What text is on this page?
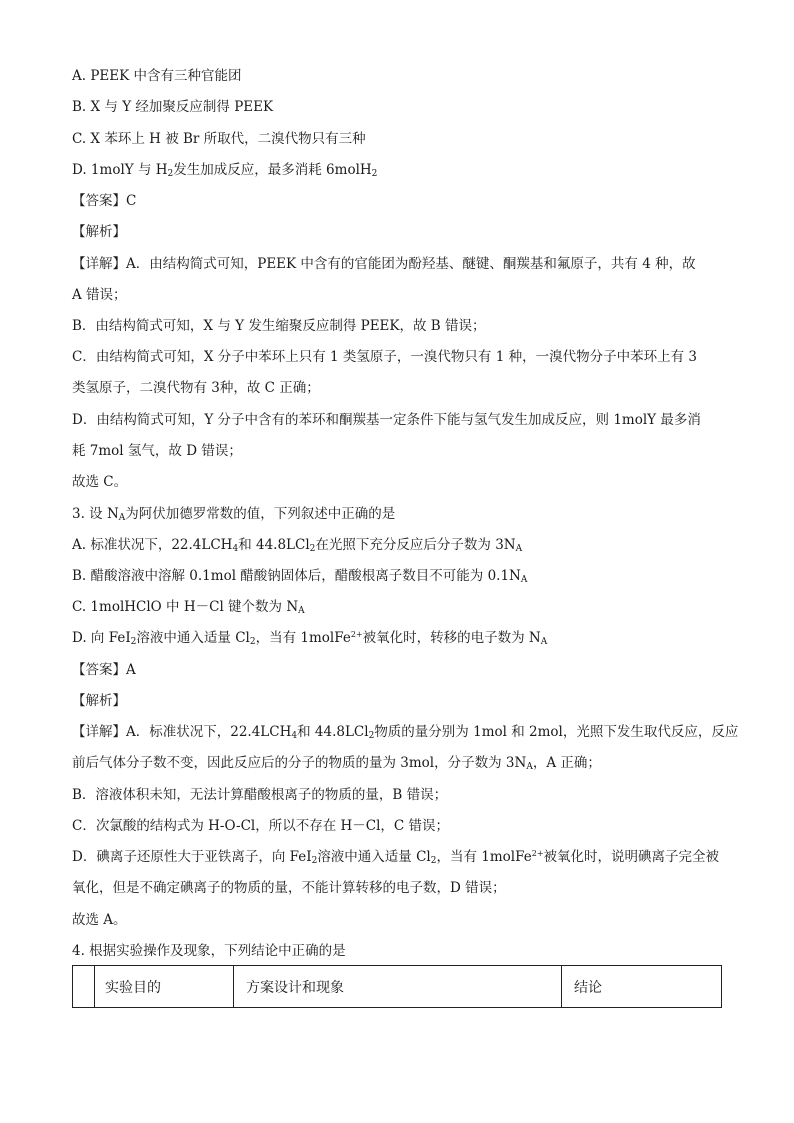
A. PEEK 中含有三种官能团
B. X 与 Y 经加聚反应制得 PEEK
C. X 苯环上 H 被 Br 所取代，二溴代物只有三种
D. 1molY 与 $H_2$发生加成反应，最多消耗 6molH$_2$
【答案】C
【解析】
【详解】A．由结构简式可知，PEEK 中含有的官能团为酚羟基、醚键、酮羰基和氟原子，共有 4 种，故
A 错误；
B．由结构简式可知，X 与 Y 发生缩聚反应制得 PEEK，故 B 错误；
C．由结构简式可知，X 分子中苯环上只有 1 类氢原子，一溴代物只有 1 种，一溴代物分子中苯环上有 3
类氢原子，二溴代物有 3种，故 C 正确；
D．由结构简式可知，Y 分子中含有的苯环和酮羰基一定条件下能与氢气发生加成反应，则 1molY 最多消
耗 7mol 氢气，故 D 错误；
故选 C。
3. 设 $N_A$为阿伏加德罗常数的值，下列叙述中正确的是
A. 标准状况下，$22.4LCH_4$和 44.8LCl$_2$在光照下充分反应后分子数为 $3N_A$
B. 醋酸溶液中溶解 0.1mol 醋酸钠固体后，醋酸根离子数目不可能为 $0.1N_A$
C. 1molHClO 中 H－Cl 键个数为 $N_A$
D. 向 FeI$_2$溶液中通入适量 $Cl_2$，当有 1molFe$^{2+}$被氧化时，转移的电子数为 $N_A$
【答案】A
【解析】
【详解】A．标准状况下，$22.4LCH_4$和 44.8LCl$_2$物质的量分别为 1mol 和 2mol，光照下发生取代反应，反应
前后气体分子数不变，因此反应后的分子的物质的量为 3mol，分子数为 $3N_A$，A 正确；
B．溶液体积未知，无法计算醋酸根离子的物质的量，B 错误；
C．次氯酸的结构式为 H-O-Cl，所以不存在 H－Cl，C 错误；
D．碘离子还原性大于亚铁离子，向 FeI$_2$溶液中通入适量 $Cl_2$，当有 1molFe$^{2+}$被氧化时，说明碘离子完全被
氧化，但是不确定碘离子的物质的量，不能计算转移的电子数，D 错误；
故选 A。
4. 根据实验操作及现象，下列结论中正确的是
实验目的	方案设计和现象	结论
